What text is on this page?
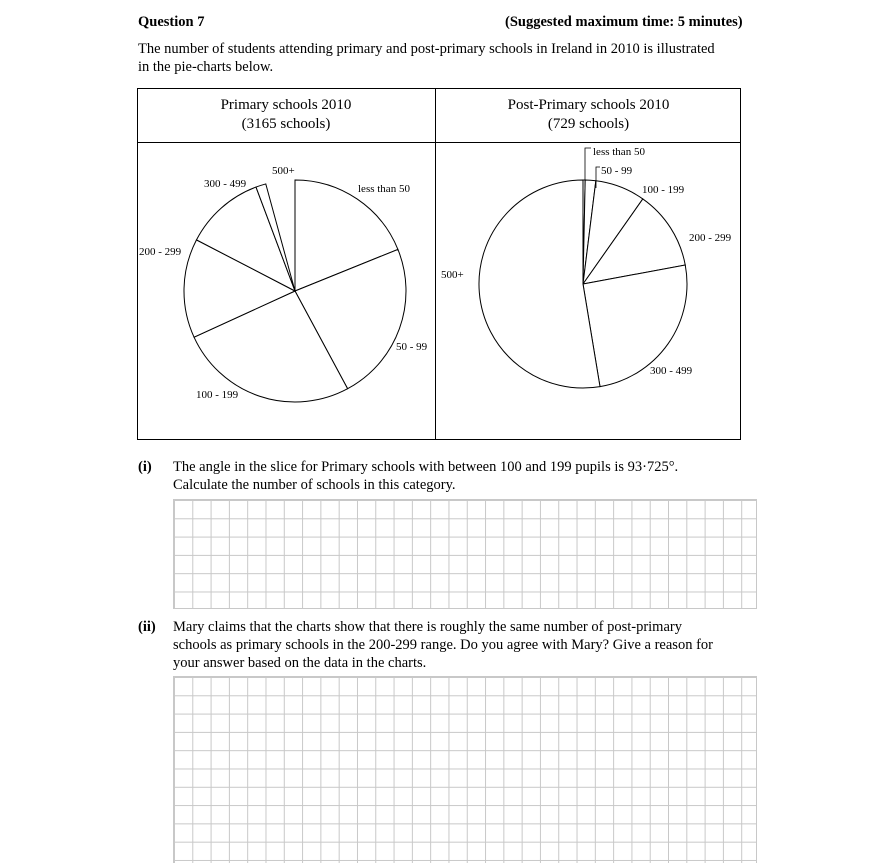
Question 7	(Suggested maximum time: 5 minutes)
The number of students attending primary and post-primary schools in Ireland in 2010 is illustrated
in the pie-charts below.
Primary schools 2010
(3165 schools)
Post-Primary schools 2010
(729 schools)
less than 50
50 - 99
100 - 199
200 - 299
300 - 499
500+
less than 50
50 - 99
100 - 199
200 - 299
300 - 499
500+
(i) The angle in the slice for Primary schools with between 100 and 199 pupils is 93·725°.
Calculate the number of schools in this category.
(ii) Mary claims that the charts show that there is roughly the same number of post-primary
schools as primary schools in the 200-299 range. Do you agree with Mary? Give a reason for
your answer based on the data in the charts.
